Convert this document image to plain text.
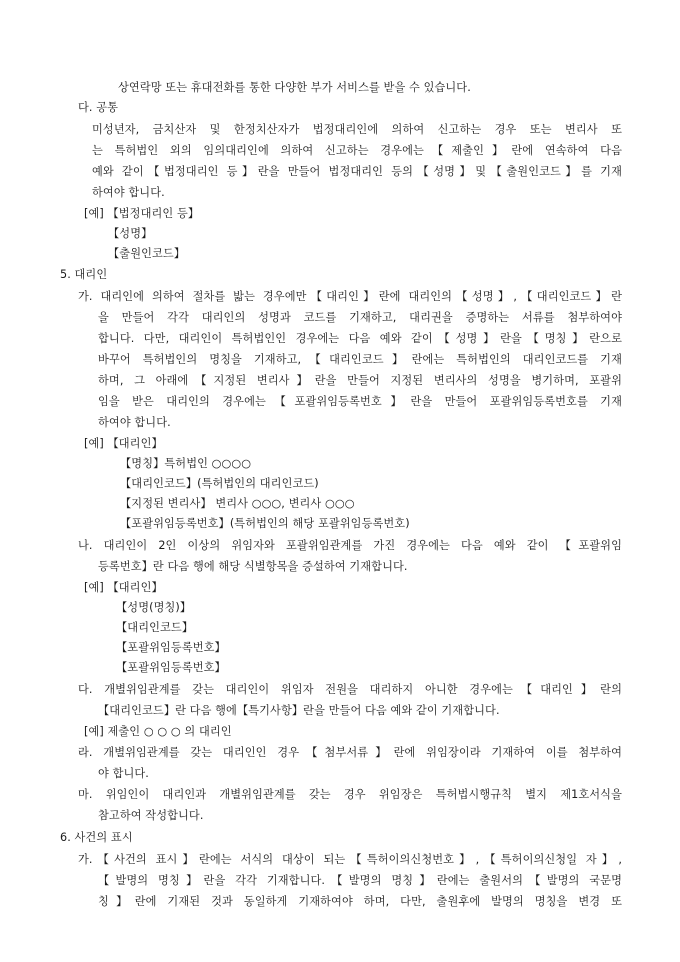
상연락망 또는 휴대전화를 통한 다양한 부가 서비스를 받을 수 있습니다.
다. 공통
미성년자, 금치산자 및 한정치산자가 법정대리인에 의하여 신고하는 경우 또는 변리사 또
는 특허법인 외의 임의대리인에 의하여 신고하는 경우에는【제출인】란에 연속하여 다음
예와 같이【법정대리인 등】란을 만들어 법정대리인 등의【성명】및【출원인코드】를 기재
하여야 합니다.
[예] 【법정대리인 등】
【성명】
【출원인코드】
5. 대리인
가. 대리인에 의하여 절차를 밟는 경우에만【대리인】란에 대리인의【성명】,【대리인코드】란
을 만들어 각각 대리인의 성명과 코드를 기재하고, 대리권을 증명하는 서류를 첨부하여야
합니다. 다만, 대리인이 특허법인인 경우에는 다음 예와 같이【성명】란을【명칭】란으로
바꾸어 특허법인의 명칭을 기재하고,【대리인코드】란에는 특허법인의 대리인코드를 기재
하며, 그 아래에【지정된 변리사】란을 만들어 지정된 변리사의 성명을 병기하며, 포괄위
임을 받은 대리인의 경우에는【포괄위임등록번호】란을 만들어 포괄위임등록번호를 기재
하여야 합니다.
[예] 【대리인】
【명칭】특허법인 ○○○○
【대리인코드】(특허법인의 대리인코드)
【지정된 변리사】 변리사 ○○○, 변리사 ○○○
【포괄위임등록번호】(특허법인의 해당 포괄위임등록번호)
나. 대리인이 2인 이상의 위임자와 포괄위임관계를 가진 경우에는 다음 예와 같이 【포괄위임
등록번호】란 다음 행에 해당 식별항목을 증설하여 기재합니다.
[예] 【대리인】
【성명(명칭)】
【대리인코드】
【포괄위임등록번호】
【포괄위임등록번호】
다. 개별위임관계를 갖는 대리인이 위임자 전원을 대리하지 아니한 경우에는【대리인】란의
【대리인코드】란 다음 행에【특기사항】란을 만들어 다음 예와 같이 기재합니다.
[예] 제출인 ○ ○ ○ 의 대리인
라. 개별위임관계를 갖는 대리인인 경우【첨부서류】란에 위임장이라 기재하여 이를 첨부하여
야 합니다.
마. 위임인이 대리인과 개별위임관계를 갖는 경우 위임장은 특허법시행규칙 별지 제1호서식을
참고하여 작성합니다.
6. 사건의 표시
가.【사건의 표시】란에는 서식의 대상이 되는【특허이의신청번호】,【특허이의신청일 자】,
【발명의 명칭】란을 각각 기재합니다.【발명의 명칭】란에는 출원서의【발명의 국문명
칭】란에 기재된 것과 동일하게 기재하여야 하며, 다만, 출원후에 발명의 명칭을 변경 또
